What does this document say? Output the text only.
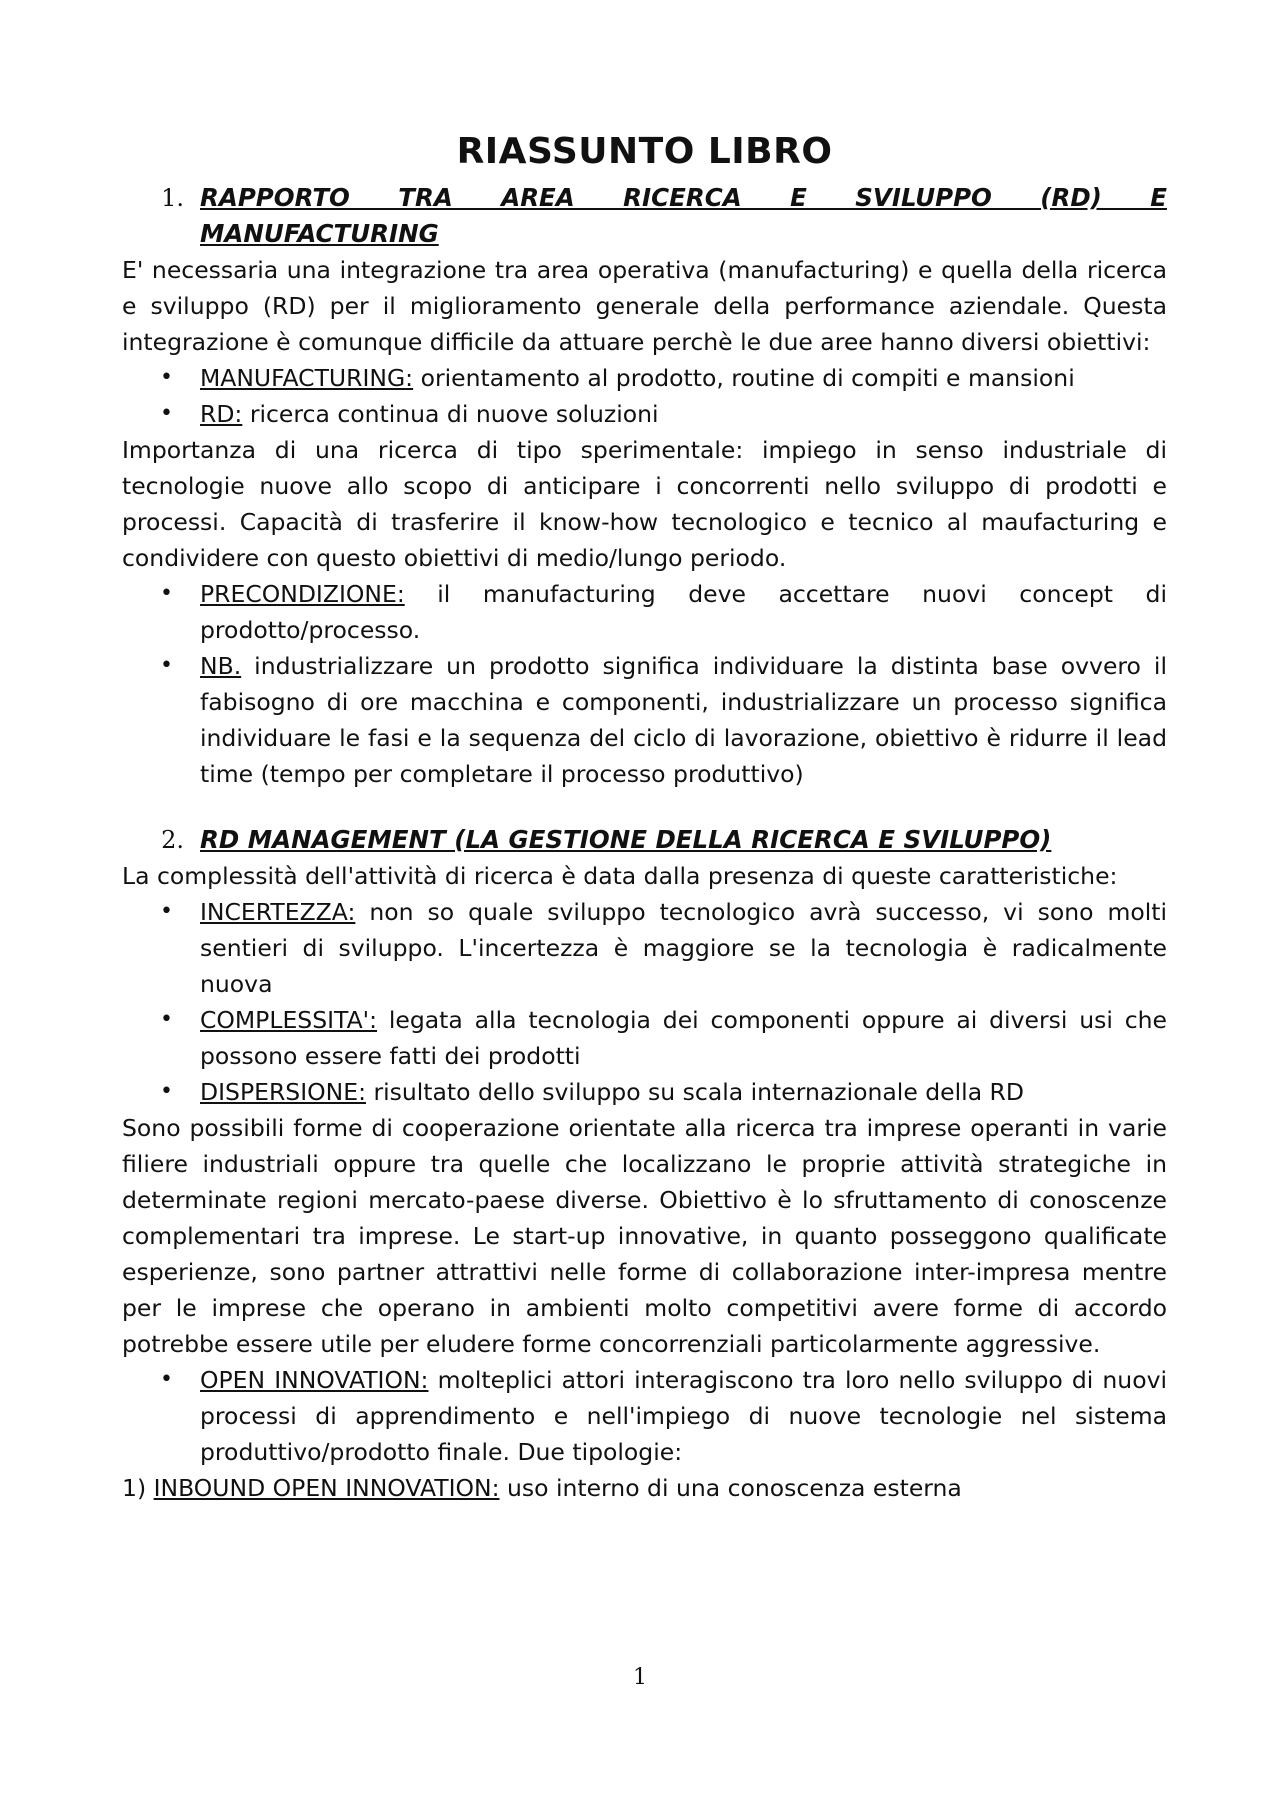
RIASSUNTO LIBRO
1. RAPPORTO TRA AREA RICERCA E SVILUPPO (RD) E
MANUFACTURING

E' necessaria una integrazione tra area operativa (manufacturing) e quella della ricerca e sviluppo (RD) per il miglioramento generale della performance aziendale. Questa integrazione è comunque difficile da attuare perchè le due aree hanno diversi obiettivi:

• MANUFACTURING: orientamento al prodotto, routine di compiti e mansioni
• RD: ricerca continua di nuove soluzioni

Importanza di una ricerca di tipo sperimentale: impiego in senso industriale di tecnologie nuove allo scopo di anticipare i concorrenti nello sviluppo di prodotti e processi. Capacità di trasferire il know-how tecnologico e tecnico al maufacturing e condividere con questo obiettivi di medio/lungo periodo.

• PRECONDIZIONE: il manufacturing deve accettare nuovi concept di prodotto/processo.
• NB. industrializzare un prodotto significa individuare la distinta base ovvero il fabisogno di ore macchina e componenti, industrializzare un processo significa individuare le fasi e la sequenza del ciclo di lavorazione, obiettivo è ridurre il lead time (tempo per completare il processo produttivo)
2. RD MANAGEMENT (LA GESTIONE DELLA RICERCA E SVILUPPO)

La complessità dell'attività di ricerca è data dalla presenza di queste caratteristiche:

• INCERTEZZA: non so quale sviluppo tecnologico avrà successo, vi sono molti sentieri di sviluppo. L'incertezza è maggiore se la tecnologia è radicalmente nuova
• COMPLESSITA': legata alla tecnologia dei componenti oppure ai diversi usi che possono essere fatti dei prodotti
• DISPERSIONE: risultato dello sviluppo su scala internazionale della RD

Sono possibili forme di cooperazione orientate alla ricerca tra imprese operanti in varie filiere industriali oppure tra quelle che localizzano le proprie attività strategiche in determinate regioni mercato-paese diverse. Obiettivo è lo sfruttamento di conoscenze complementari tra imprese. Le start-up innovative, in quanto posseggono qualificate esperienze, sono partner attrattivi nelle forme di collaborazione inter-impresa mentre per le imprese che operano in ambienti molto competitivi avere forme di accordo potrebbe essere utile per eludere forme concorrenziali particolarmente aggressive.

• OPEN INNOVATION: molteplici attori interagiscono tra loro nello sviluppo di nuovi processi di apprendimento e nell'impiego di nuove tecnologie nel sistema produttivo/prodotto finale. Due tipologie:

1) INBOUND OPEN INNOVATION: uso interno di una conoscenza esterna

1
